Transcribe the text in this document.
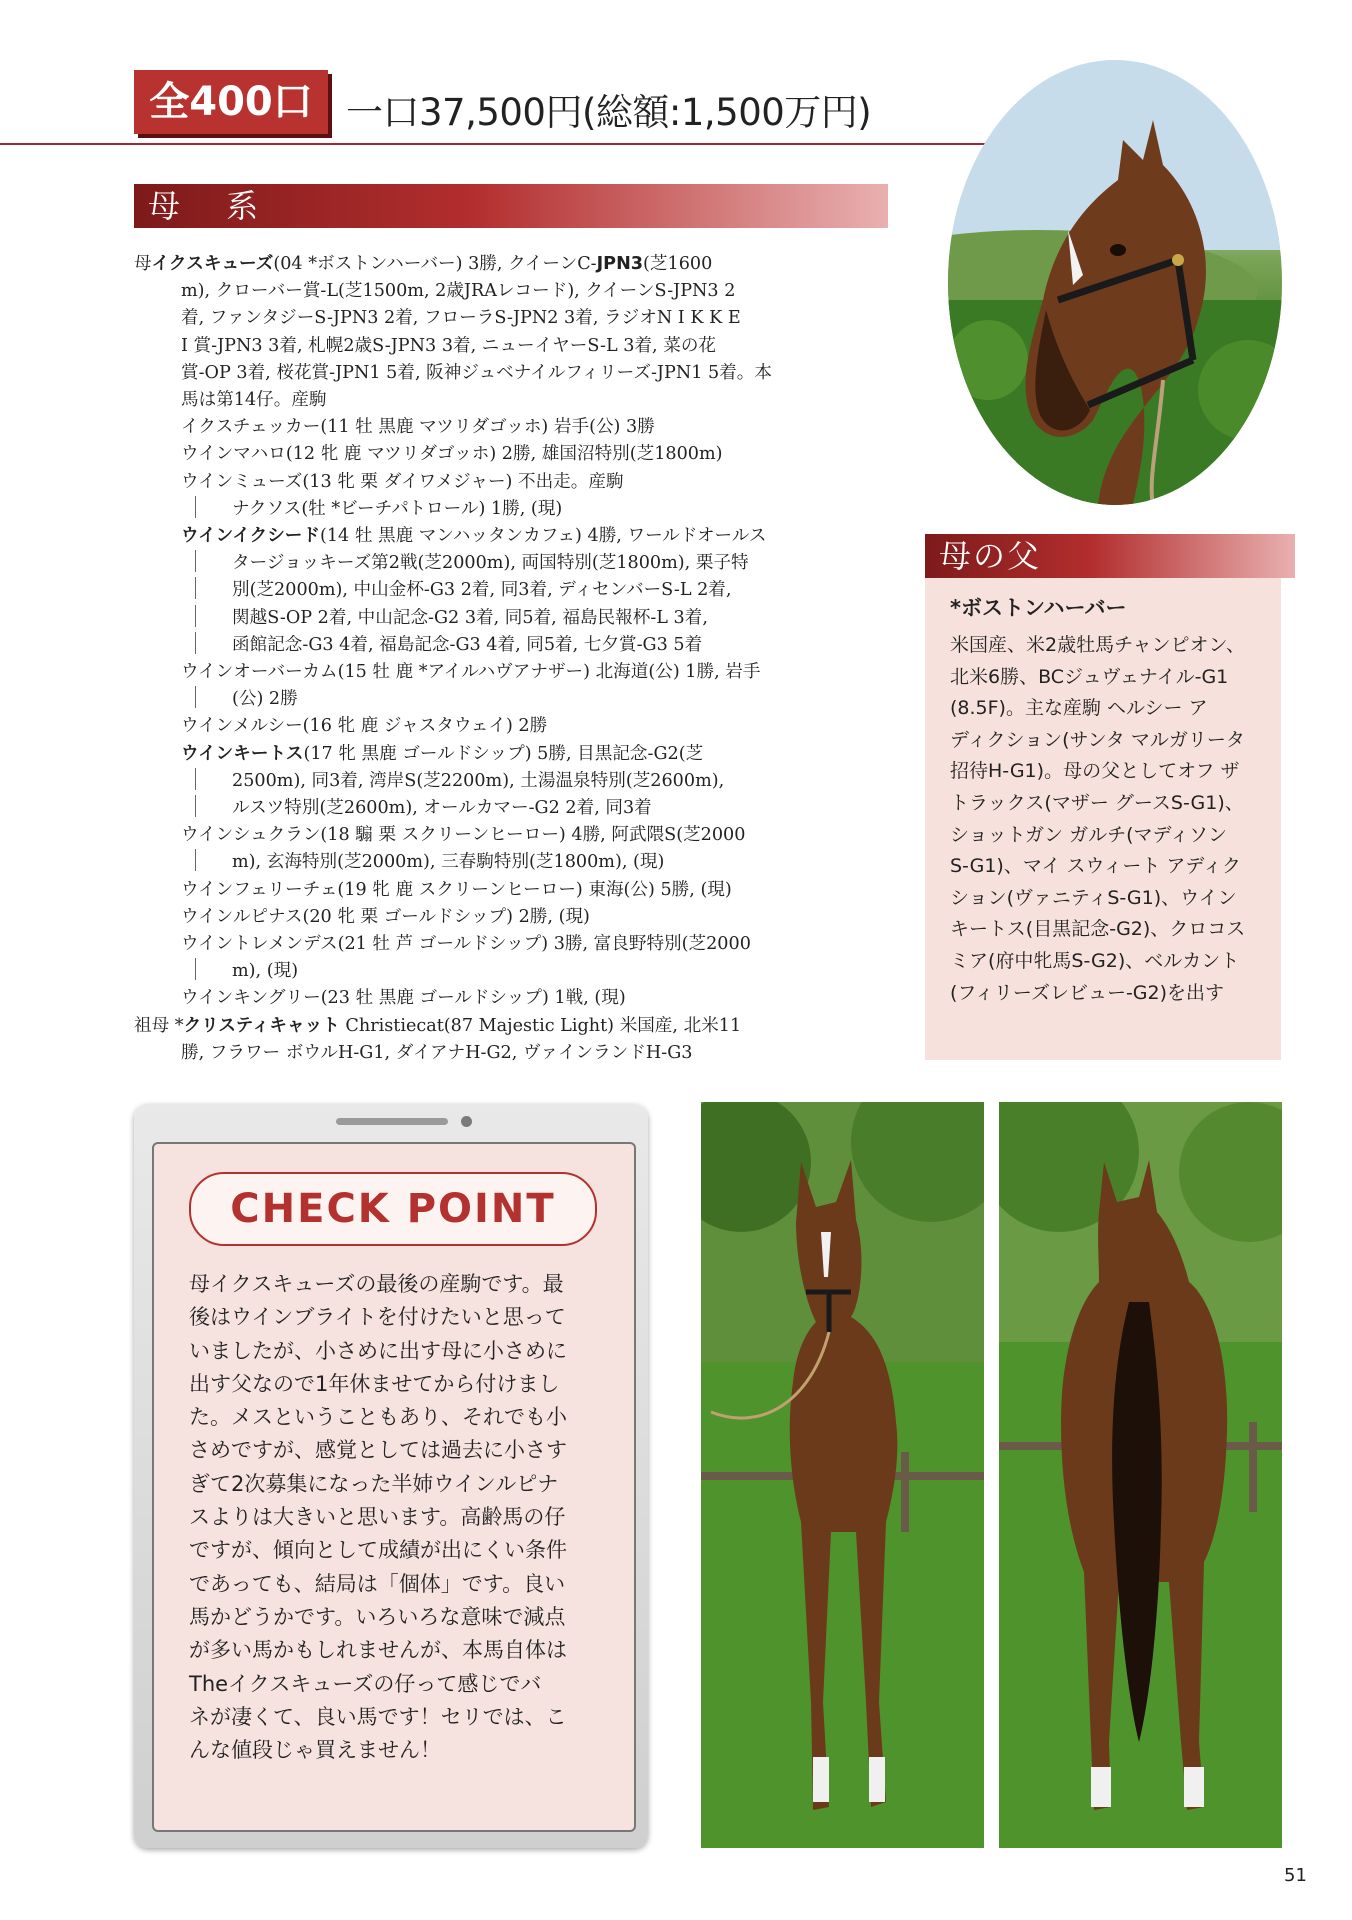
全400口 一口37,500円(総額:1,500万円)
母 系
母イクスキューズ(04 *ボストンハーバー) 3勝, クイーンC-JPN3(芝1600
m), クローバー賞-L(芝1500m, 2歳JRAレコード), クイーンS-JPN3 2
着, ファンタジーS-JPN3 2着, フローラS-JPN2 3着, ラジオN I K K E
I 賞-JPN3 3着, 札幌2歳S-JPN3 3着, ニューイヤーS-L 3着, 菜の花
賞-OP 3着, 桜花賞-JPN1 5着, 阪神ジュベナイルフィリーズ-JPN1 5着。本
馬は第14仔。産駒
イクスチェッカー(11 牡 黒鹿 マツリダゴッホ) 岩手(公) 3勝
ウインマハロ(12 牝 鹿 マツリダゴッホ) 2勝, 雄国沼特別(芝1800m)
ウインミューズ(13 牝 栗 ダイワメジャー) 不出走。産駒
ナクソス(牡 *ビーチパトロール) 1勝, (現)
ウインイクシード(14 牡 黒鹿 マンハッタンカフェ) 4勝, ワールドオールス
タージョッキーズ第2戦(芝2000m), 両国特別(芝1800m), 栗子特
別(芝2000m), 中山金杯-G3 2着, 同3着, ディセンバーS-L 2着,
関越S-OP 2着, 中山記念-G2 3着, 同5着, 福島民報杯-L 3着,
函館記念-G3 4着, 福島記念-G3 4着, 同5着, 七夕賞-G3 5着
ウインオーバーカム(15 牡 鹿 *アイルハヴアナザー) 北海道(公) 1勝, 岩手
(公) 2勝
ウインメルシー(16 牝 鹿 ジャスタウェイ) 2勝
ウインキートス(17 牝 黒鹿 ゴールドシップ) 5勝, 目黒記念-G2(芝
2500m), 同3着, 湾岸S(芝2200m), 土湯温泉特別(芝2600m),
ルスツ特別(芝2600m), オールカマー-G2 2着, 同3着
ウインシュクラン(18 騸 栗 スクリーンヒーロー) 4勝, 阿武隈S(芝2000
m), 玄海特別(芝2000m), 三春駒特別(芝1800m), (現)
ウインフェリーチェ(19 牝 鹿 スクリーンヒーロー) 東海(公) 5勝, (現)
ウインルピナス(20 牝 栗 ゴールドシップ) 2勝, (現)
ウイントレメンデス(21 牡 芦 ゴールドシップ) 3勝, 富良野特別(芝2000
m), (現)
ウインキングリー(23 牡 黒鹿 ゴールドシップ) 1戦, (現)
祖母 *クリスティキャット Christiecat(87 Majestic Light) 米国産, 北米11
勝, フラワー ボウルH-G1, ダイアナH-G2, ヴァインランドH-G3
母の父
*ボストンハーバー
米国産、米2歳牡馬チャンピオン、
北米6勝、BCジュヴェナイル-G1
(8.5F)。主な産駒 ヘルシー ア
ディクション(サンタ マルガリータ
招待H-G1)。母の父としてオフ ザ
トラックス(マザー グースS-G1)、
ショットガン ガルチ(マディソン
S-G1)、マイ スウィート アディク
ション(ヴァニティS-G1)、ウイン
キートス(目黒記念-G2)、クロコス
ミア(府中牝馬S-G2)、ベルカント
(フィリーズレビュー-G2)を出す
CHECK POINT
母イクスキューズの最後の産駒です。最
後はウインブライトを付けたいと思って
いましたが、小さめに出す母に小さめに
出す父なので1年休ませてから付けまし
た。メスということもあり、それでも小
さめですが、感覚としては過去に小さす
ぎて2次募集になった半姉ウインルピナ
スよりは大きいと思います。高齢馬の仔
ですが、傾向として成績が出にくい条件
であっても、結局は「個体」です。良い
馬かどうかです。いろいろな意味で減点
が多い馬かもしれませんが、本馬自体は
Theイクスキューズの仔って感じでバ
ネが凄くて、良い馬です！セリでは、こ
んな値段じゃ買えません！
51
